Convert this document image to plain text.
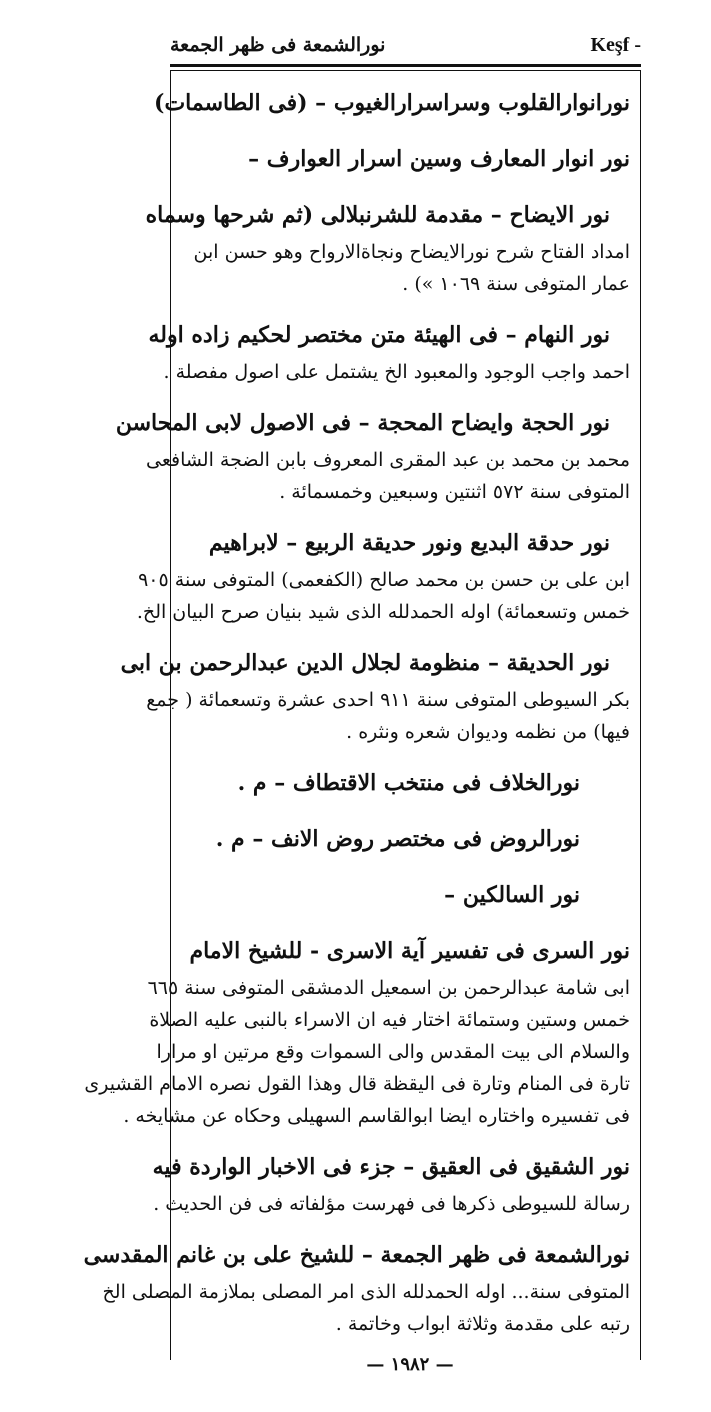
نورالشمعة فى ظهر الجمعة	Keşf -
نورانوارالقلوب وسراسرارالغيوب – (فى الطاسمات)
نور انوار المعارف وسين اسرار العوارف –
نور الايضاح – مقدمة للشرنبلالى (ثم شرحها وسماه
امداد الفتاح شرح نورالايضاح ونجاةالارواح وهو حسن ابن
عمار المتوفى سنة ١٠٦٩ ») .
نور النهام – فى الهيئة متن مختصر لحكيم زاده اوله
احمد واجب الوجود والمعبود الخ يشتمل على اصول مفصلة .
نور الحجة وايضاح المحجة – فى الاصول لابى المحاسن
محمد بن محمد بن عبد المقرى المعروف بابن الضجة الشافعى
المتوفى سنة ٥٧٢ اثنتين وسبعين وخمسمائة .
نور حدقة البديع ونور حديقة الربيع – لابراهيم
ابن على بن حسن بن محمد صالح (الكفعمى) المتوفى سنة ٩٠٥
خمس وتسعمائة) اوله الحمدلله الذى شيد بنيان صرح البيان الخ.
نور الحديقة – منظومة لجلال الدين عبدالرحمن بن ابى
بكر السيوطى المتوفى سنة ٩١١ احدى عشرة وتسعمائة ( جمع
فيها) من نظمه وديوان شعره ونثره .
نورالخلاف فى منتخب الاقتطاف – م .
نورالروض فى مختصر روض الانف – م .
نور السالكين –
نور السرى فى تفسير آية الاسرى - للشيخ الامام
ابى شامة عبدالرحمن بن اسمعيل الدمشقى المتوفى سنة ٦٦٥
خمس وستين وستمائة اختار فيه ان الاسراء بالنبى عليه الصلاة
والسلام الى بيت المقدس والى السموات وقع مرتين او مرارا
تارة فى المنام وتارة فى اليقظة قال وهذا القول نصره الامام القشيرى
فى تفسيره واختاره ايضا ابوالقاسم السهيلى وحكاه عن مشايخه .
نور الشقيق فى العقيق – جزء فى الاخبار الواردة فيه
رسالة للسيوطى ذكرها فى فهرست مؤلفاته فى فن الحديث .
نورالشمعة فى ظهر الجمعة – للشيخ على بن غانم المقدسى
المتوفى سنة... اوله الحمدلله الذى امر المصلى بملازمة المصلى الخ
رتبه على مقدمة وثلاثة ابواب وخاتمة .
— ١٩٨٢ —
